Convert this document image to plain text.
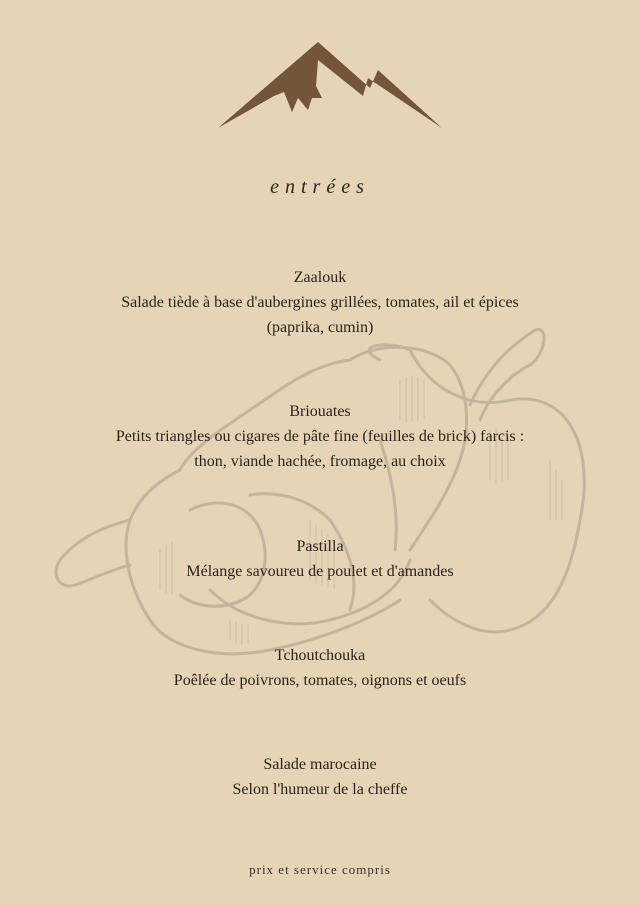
entrées
Zaalouk
Salade tiède à base d'aubergines grillées, tomates, ail et épices
(paprika, cumin)
Briouates
Petits triangles ou cigares de pâte fine (feuilles de brick) farcis :
thon, viande hachée, fromage, au choix
Pastilla
Mélange savoureu de poulet et d'amandes
Tchoutchouka
Poêlée de poivrons, tomates, oignons et oeufs
Salade marocaine
Selon l'humeur de la cheffe
prix et service compris
